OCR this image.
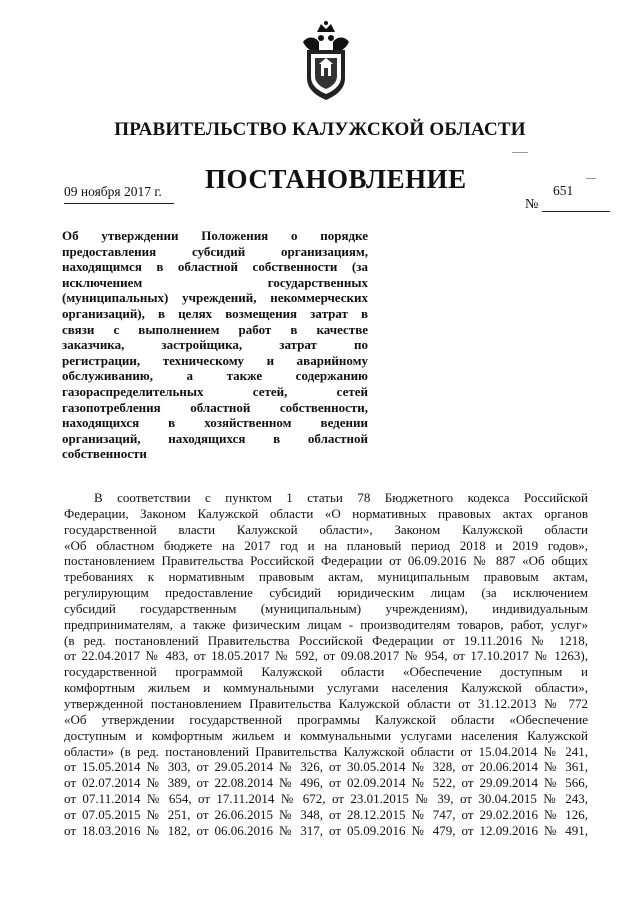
ПРАВИТЕЛЬСТВО КАЛУЖСКОЙ ОБЛАСТИ
09 ноября 2017 г. ПОСТАНОВЛЕНИЕ	651
№
Об утверждении Положения о порядке
предоставления субсидий организациям,
находящимся в областной собственности (за
исключением государственных
(муниципальных) учреждений, некоммерческих
организаций), в целях возмещения затрат в
связи с выполнением работ в качестве
заказчика, застройщика, затрат по
регистрации, техническому и аварийному
обслуживанию, а также содержанию
газораспределительных сетей, сетей
газопотребления областной собственности,
находящихся в хозяйственном ведении
организаций, находящихся в областной
собственности
В соответствии с пунктом 1 статьи 78 Бюджетного кодекса Российской
Федерации, Законом Калужской области «О нормативных правовых актах органов
государственной власти Калужской области», Законом Калужской области
«Об областном бюджете на 2017 год и на плановый период 2018 и 2019 годов»,
постановлением Правительства Российской Федерации от 06.09.2016 № 887 «Об общих
требованиях к нормативным правовым актам, муниципальным правовым актам,
регулирующим предоставление субсидий юридическим лицам (за исключением
субсидий государственным (муниципальным) учреждениям), индивидуальным
предпринимателям, а также физическим лицам - производителям товаров, работ, услуг»
(в ред. постановлений Правительства Российской Федерации от 19.11.2016 № 1218,
от 22.04.2017 № 483, от 18.05.2017 № 592, от 09.08.2017 № 954, от 17.10.2017 № 1263),
государственной программой Калужской области «Обеспечение доступным и
комфортным жильем и коммунальными услугами населения Калужской области»,
утвержденной постановлением Правительства Калужской области от 31.12.2013 № 772
«Об утверждении государственной программы Калужской области «Обеспечение
доступным и комфортным жильем и коммунальными услугами населения Калужской
области» (в ред. постановлений Правительства Калужской области от 15.04.2014 № 241,
от 15.05.2014 № 303, от 29.05.2014 № 326, от 30.05.2014 № 328, от 20.06.2014 № 361,
от 02.07.2014 № 389, от 22.08.2014 № 496, от 02.09.2014 № 522, от 29.09.2014 № 566,
от 07.11.2014 № 654, от 17.11.2014 № 672, от 23.01.2015 № 39, от 30.04.2015 № 243,
от 07.05.2015 № 251, от 26.06.2015 № 348, от 28.12.2015 № 747, от 29.02.2016 № 126,
от 18.03.2016 № 182, от 06.06.2016 № 317, от 05.09.2016 № 479, от 12.09.2016 № 491,
